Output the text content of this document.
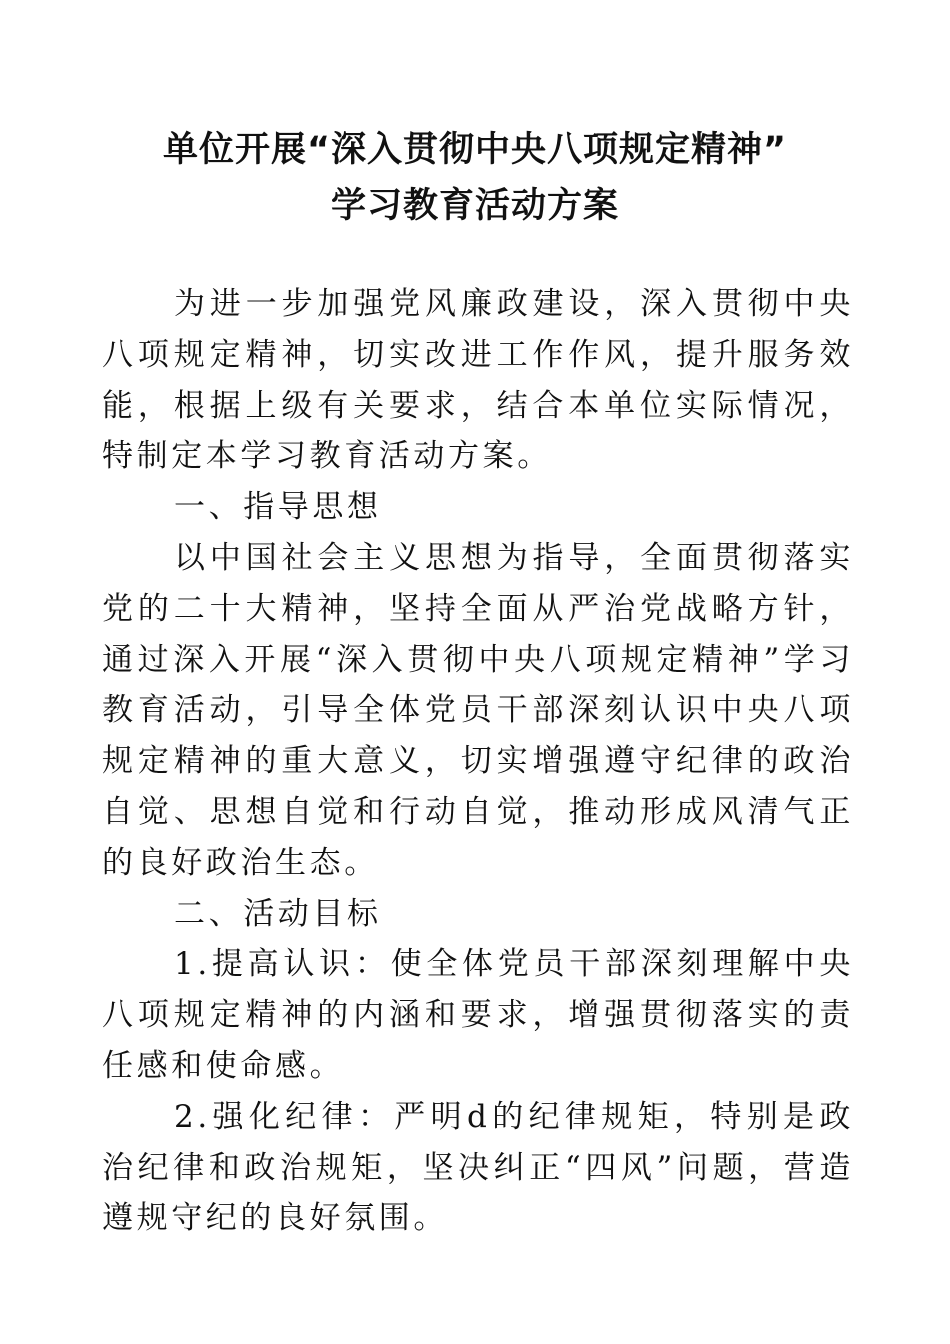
单位开展“深入贯彻中央八项规定精神”
学习教育活动方案

为进一步加强党风廉政建设，深入贯彻中央八项规定精神，切实改进工作作风，提升服务效能，根据上级有关要求，结合本单位实际情况，特制定本学习教育活动方案。

一、指导思想

以中国社会主义思想为指导，全面贯彻落实党的二十大精神，坚持全面从严治党战略方针，通过深入开展“深入贯彻中央八项规定精神”学习教育活动，引导全体党员干部深刻认识中央八项规定精神的重大意义，切实增强遵守纪律的政治自觉、思想自觉和行动自觉，推动形成风清气正的良好政治生态。

二、活动目标

1.提高认识：使全体党员干部深刻理解中央八项规定精神的内涵和要求，增强贯彻落实的责任感和使命感。

2.强化纪律：严明d的纪律规矩，特别是政治纪律和政治规矩，坚决纠正“四风”问题，营造遵规守纪的良好氛围。
